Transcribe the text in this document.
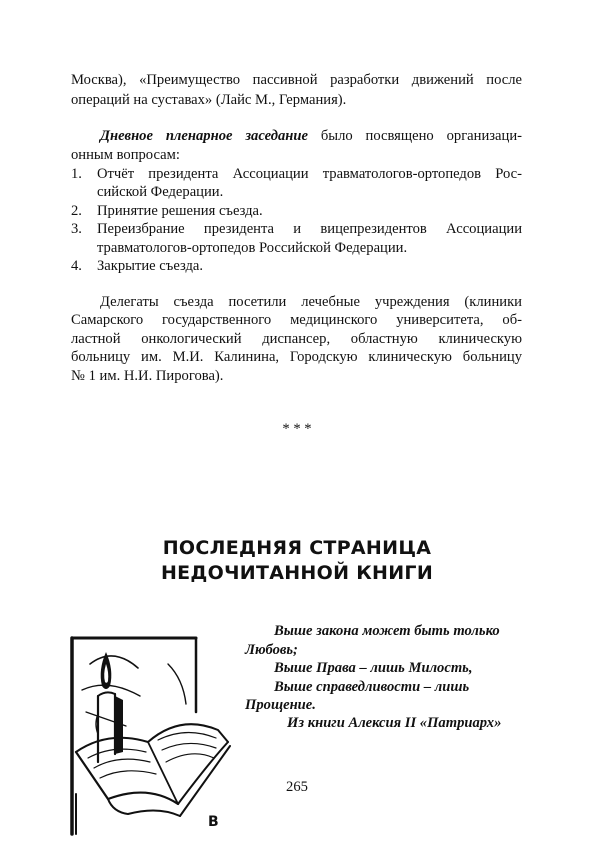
Москва), «Преимущество пассивной разработки движений после
операций на суставах» (Лайс М., Германия).
Дневное пленарное заседание было посвящено организаци-
онным вопросам:
1.	Отчёт президента Ассоциации травматологов-ортопедов Рос-
сийской Федерации.
2.	Принятие решения съезда.
3.	Переизбрание президента и вицепрезидентов Ассоциации
травматологов-ортопедов Российской Федерации.
4.	Закрытие съезда.
Делегаты съезда посетили лечебные учреждения (клиники
Самарского государственного медицинского университета, об-
ластной онкологический диспансер, областную клиническую
больницу им. М.И. Калинина, Городскую клиническую больницу
№ 1 им. Н.И. Пирогова).
* * *
ПОСЛЕДНЯЯ СТРАНИЦА
НЕДОЧИТАННОЙ КНИГИ
В
Выше закона может быть только
Любовь;
Выше Права – лишь Милость,
Выше справедливости – лишь
Прощение.
Из книги Алексия II «Патриарх»
265
